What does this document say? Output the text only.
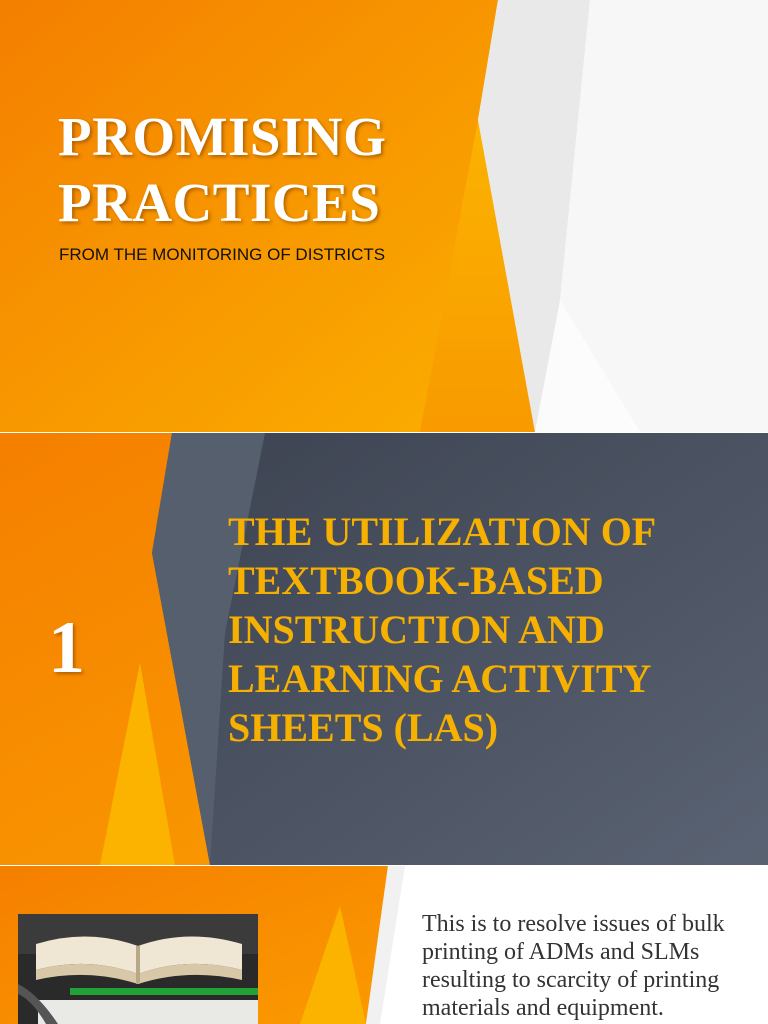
PROMISING
PRACTICES

FROM THE MONITORING OF DISTRICTS

1
THE UTILIZATION OF
TEXTBOOK-BASED
INSTRUCTION AND
LEARNING ACTIVITY
SHEETS (LAS)

This is to resolve issues of bulk
printing of ADMs and SLMs
resulting to scarcity of printing
materials and equipment.
